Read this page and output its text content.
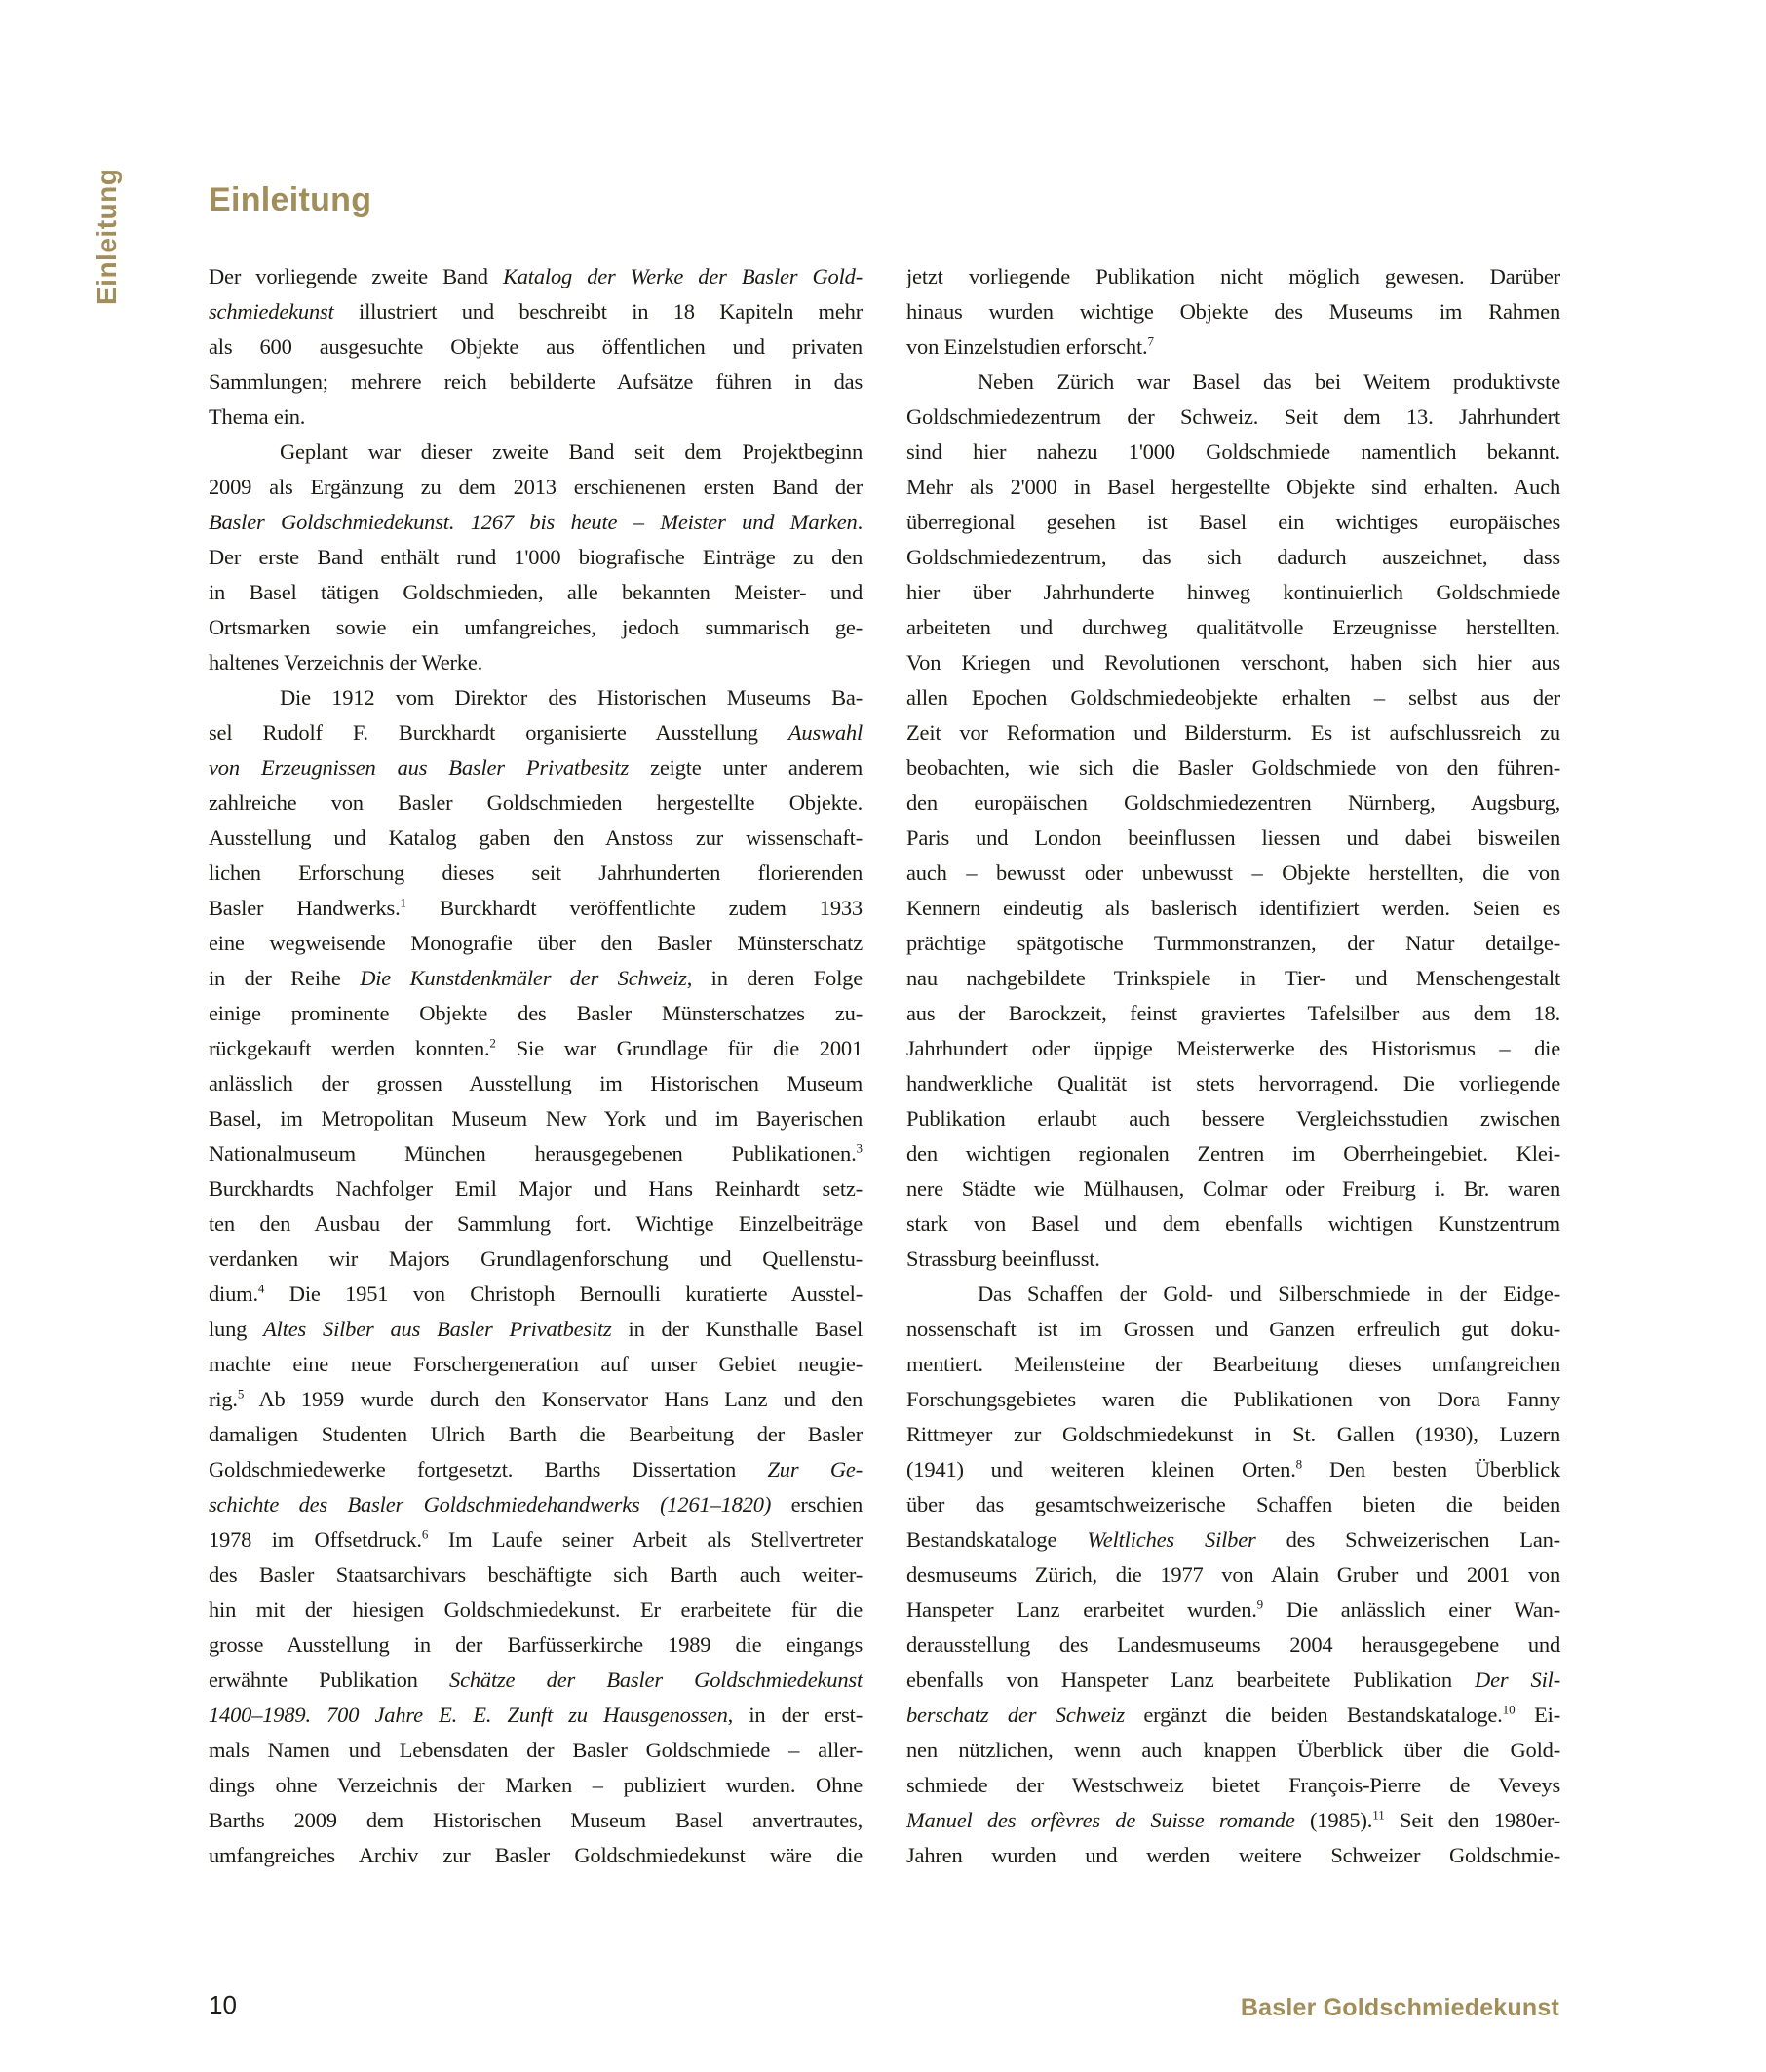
Einleitung	Einleitung
Der vorliegende zweite Band Katalog der Werke der Basler Gold-
schmiedekunst illustriert und beschreibt in 18 Kapiteln mehr
als 600 ausgesuchte Objekte aus öffentlichen und privaten
Sammlungen; mehrere reich bebilderte Aufsätze führen in das
Thema ein.
Geplant war dieser zweite Band seit dem Projektbeginn
2009 als Ergänzung zu dem 2013 erschienenen ersten Band der
Basler Goldschmiedekunst. 1267 bis heute – Meister und Marken.
Der erste Band enthält rund 1'000 biografische Einträge zu den
in Basel tätigen Goldschmieden, alle bekannten Meister- und
Ortsmarken sowie ein umfangreiches, jedoch summarisch ge-
haltenes Verzeichnis der Werke.
Die 1912 vom Direktor des Historischen Museums Ba-
sel Rudolf F. Burckhardt organisierte Ausstellung Auswahl
von Erzeugnissen aus Basler Privatbesitz zeigte unter anderem
zahlreiche von Basler Goldschmieden hergestellte Objekte.
Ausstellung und Katalog gaben den Anstoss zur wissenschaft-
lichen Erforschung dieses seit Jahrhunderten florierenden
Basler Handwerks.$^1$ Burckhardt veröffentlichte zudem 1933
eine wegweisende Monografie über den Basler Münsterschatz
in der Reihe Die Kunstdenkmäler der Schweiz, in deren Folge
einige prominente Objekte des Basler Münsterschatzes zu-
rückgekauft werden konnten.$^2$ Sie war Grundlage für die 2001
anlässlich der grossen Ausstellung im Historischen Museum
Basel, im Metropolitan Museum New York und im Bayerischen
Nationalmuseum München herausgegebenen Publikationen.$^3$
Burckhardts Nachfolger Emil Major und Hans Reinhardt setz-
ten den Ausbau der Sammlung fort. Wichtige Einzelbeiträge
verdanken wir Majors Grundlagenforschung und Quellenstu-
dium.$^4$ Die 1951 von Christoph Bernoulli kuratierte Ausstel-
lung Altes Silber aus Basler Privatbesitz in der Kunsthalle Basel
machte eine neue Forschergeneration auf unser Gebiet neugie-
rig.$^5$ Ab 1959 wurde durch den Konservator Hans Lanz und den
damaligen Studenten Ulrich Barth die Bearbeitung der Basler
Goldschmiedewerke fortgesetzt. Barths Dissertation Zur Ge-
schichte des Basler Goldschmiedehandwerks (1261–1820) erschien
1978 im Offsetdruck.$^6$ Im Laufe seiner Arbeit als Stellvertreter
des Basler Staatsarchivars beschäftigte sich Barth auch weiter-
hin mit der hiesigen Goldschmiedekunst. Er erarbeitete für die
grosse Ausstellung in der Barfüsserkirche 1989 die eingangs
erwähnte Publikation Schätze der Basler Goldschmiedekunst
1400–1989. 700 Jahre E. E. Zunft zu Hausgenossen, in der erst-
mals Namen und Lebensdaten der Basler Goldschmiede – aller-
dings ohne Verzeichnis der Marken – publiziert wurden. Ohne
Barths 2009 dem Historischen Museum Basel anvertrautes,
umfangreiches Archiv zur Basler Goldschmiedekunst wäre die
jetzt vorliegende Publikation nicht möglich gewesen. Darüber
hinaus wurden wichtige Objekte des Museums im Rahmen
von Einzelstudien erforscht.$^7$
Neben Zürich war Basel das bei Weitem produktivste
Goldschmiedezentrum der Schweiz. Seit dem 13. Jahrhundert
sind hier nahezu 1'000 Goldschmiede namentlich bekannt.
Mehr als 2'000 in Basel hergestellte Objekte sind erhalten. Auch
überregional gesehen ist Basel ein wichtiges europäisches
Goldschmiedezentrum, das sich dadurch auszeichnet, dass
hier über Jahrhunderte hinweg kontinuierlich Goldschmiede
arbeiteten und durchweg qualitätvolle Erzeugnisse herstellten.
Von Kriegen und Revolutionen verschont, haben sich hier aus
allen Epochen Goldschmiedeobjekte erhalten – selbst aus der
Zeit vor Reformation und Bildersturm. Es ist aufschlussreich zu
beobachten, wie sich die Basler Goldschmiede von den führen-
den europäischen Goldschmiedezentren Nürnberg, Augsburg,
Paris und London beeinflussen liessen und dabei bisweilen
auch – bewusst oder unbewusst – Objekte herstellten, die von
Kennern eindeutig als baslerisch identifiziert werden. Seien es
prächtige spätgotische Turmmonstranzen, der Natur detailge-
nau nachgebildete Trinkspiele in Tier- und Menschengestalt
aus der Barockzeit, feinst graviertes Tafelsilber aus dem 18.
Jahrhundert oder üppige Meisterwerke des Historismus – die
handwerkliche Qualität ist stets hervorragend. Die vorliegende
Publikation erlaubt auch bessere Vergleichsstudien zwischen
den wichtigen regionalen Zentren im Oberrheingebiet. Klei-
nere Städte wie Mülhausen, Colmar oder Freiburg i. Br. waren
stark von Basel und dem ebenfalls wichtigen Kunstzentrum
Strassburg beeinflusst.
Das Schaffen der Gold- und Silberschmiede in der Eidge-
nossenschaft ist im Grossen und Ganzen erfreulich gut doku-
mentiert. Meilensteine der Bearbeitung dieses umfangreichen
Forschungsgebietes waren die Publikationen von Dora Fanny
Rittmeyer zur Goldschmiedekunst in St. Gallen (1930), Luzern
(1941) und weiteren kleinen Orten.$^8$ Den besten Überblick
über das gesamtschweizerische Schaffen bieten die beiden
Bestandskataloge Weltliches Silber des Schweizerischen Lan-
desmuseums Zürich, die 1977 von Alain Gruber und 2001 von
Hanspeter Lanz erarbeitet wurden.$^9$ Die anlässlich einer Wan-
derausstellung des Landesmuseums 2004 herausgegebene und
ebenfalls von Hanspeter Lanz bearbeitete Publikation Der Sil-
berschatz der Schweiz ergänzt die beiden Bestandskataloge.$^{10}$ Ei-
nen nützlichen, wenn auch knappen Überblick über die Gold-
schmiede der Westschweiz bietet François-Pierre de Veveys
Manuel des orfèvres de Suisse romande (1985).$^{11}$ Seit den 1980er-
Jahren wurden und werden weitere Schweizer Goldschmie-
10	Basler Goldschmiedekunst
